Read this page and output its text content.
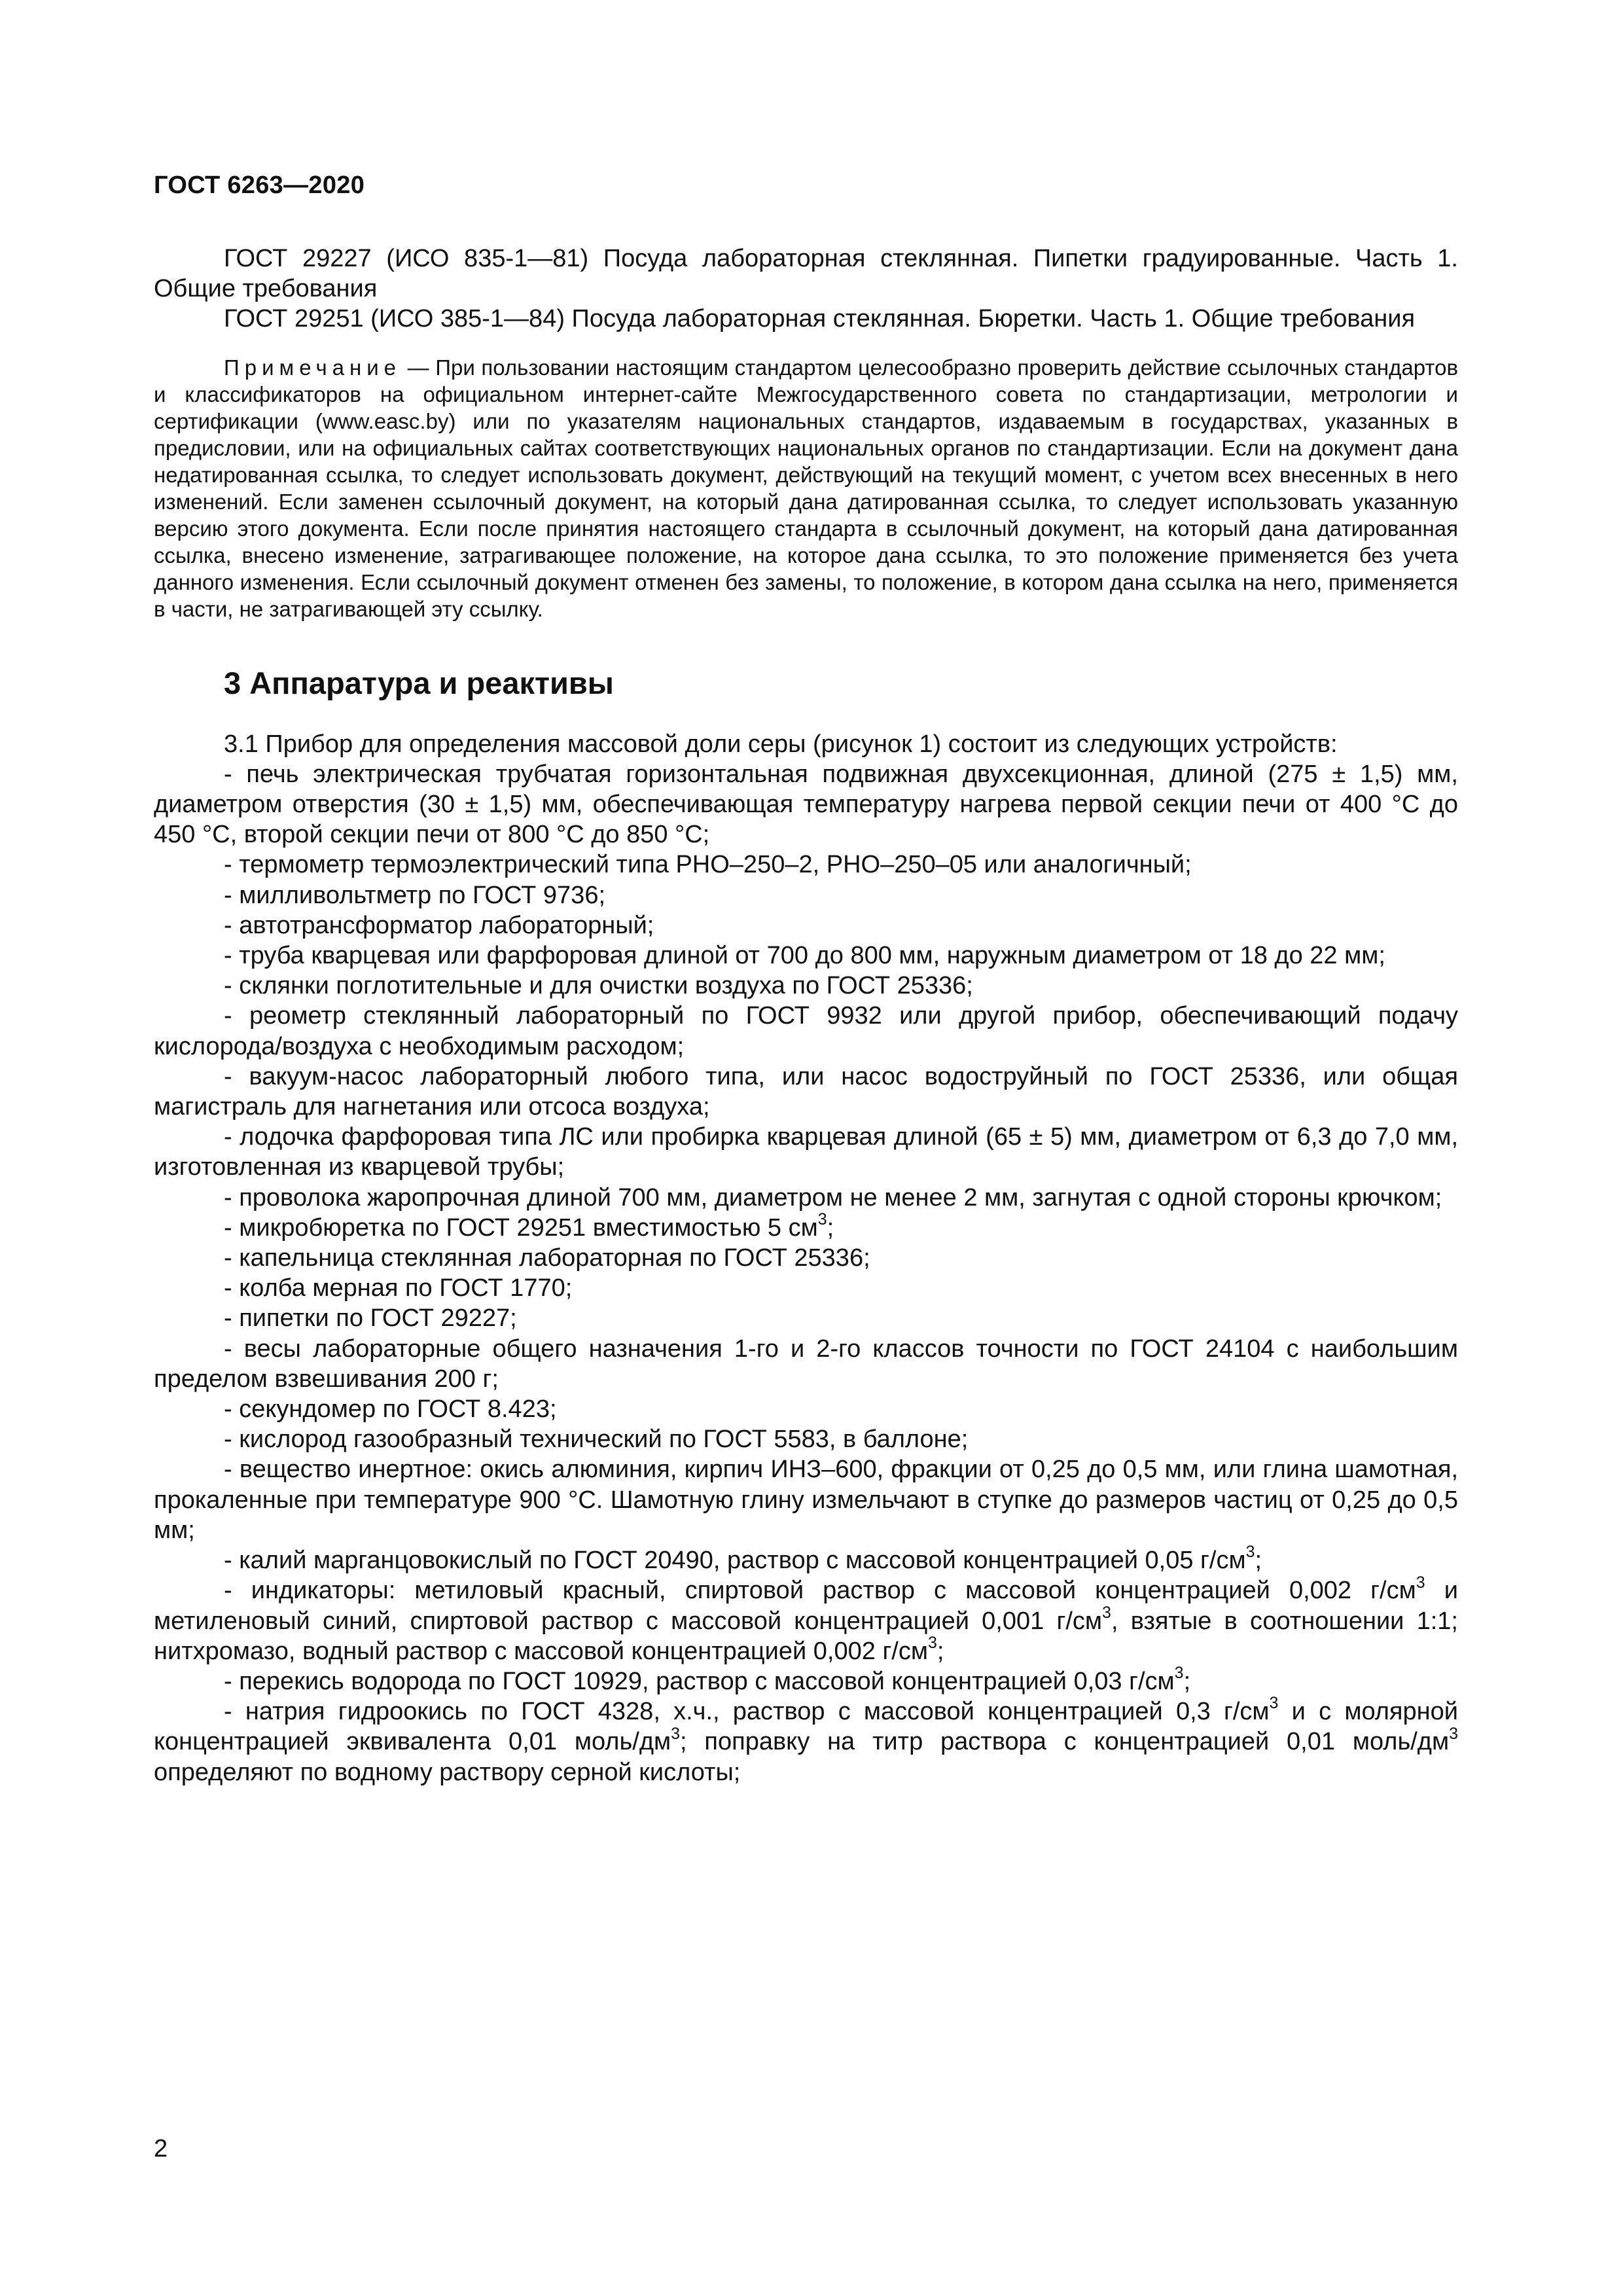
ГОСТ 6263—2020

ГОСТ 29227 (ИСО 835-1—81) Посуда лабораторная стеклянная. Пипетки градуированные. Часть 1. Общие требования

ГОСТ 29251 (ИСО 385-1—84) Посуда лабораторная стеклянная. Бюретки. Часть 1. Общие требования

Примечание — При пользовании настоящим стандартом целесообразно проверить действие ссылочных стандартов и классификаторов на официальном интернет-сайте Межгосударственного совета по стандартизации, метрологии и сертификации (www.easc.by) или по указателям национальных стандартов, издаваемым в государствах, указанных в предисловии, или на официальных сайтах соответствующих национальных органов по стандартизации. Если на документ дана недатированная ссылка, то следует использовать документ, действующий на текущий момент, с учетом всех внесенных в него изменений. Если заменен ссылочный документ, на который дана датированная ссылка, то следует использовать указанную версию этого документа. Если после принятия настоящего стандарта в ссылочный документ, на который дана датированная ссылка, внесено изменение, затрагивающее положение, на которое дана ссылка, то это положение применяется без учета данного изменения. Если ссылочный документ отменен без замены, то положение, в котором дана ссылка на него, применяется в части, не затрагивающей эту ссылку.

3 Аппаратура и реактивы

3.1 Прибор для определения массовой доли серы (рисунок 1) состоит из следующих устройств:

- печь электрическая трубчатая горизонтальная подвижная двухсекционная, длиной (275 ± 1,5) мм, диаметром отверстия (30 ± 1,5) мм, обеспечивающая температуру нагрева первой секции печи от 400 °С до 450 °С, второй секции печи от 800 °С до 850 °С;

- термометр термоэлектрический типа РНО–250–2, РНО–250–05 или аналогичный;

- милливольтметр по ГОСТ 9736;

- автотрансформатор лабораторный;

- труба кварцевая или фарфоровая длиной от 700 до 800 мм, наружным диаметром от 18 до 22 мм;

- склянки поглотительные и для очистки воздуха по ГОСТ 25336;

- реометр стеклянный лабораторный по ГОСТ 9932 или другой прибор, обеспечивающий подачу кислорода/воздуха с необходимым расходом;

- вакуум-насос лабораторный любого типа, или насос водоструйный по ГОСТ 25336, или общая магистраль для нагнетания или отсоса воздуха;

- лодочка фарфоровая типа ЛС или пробирка кварцевая длиной (65 ± 5) мм, диаметром от 6,3 до 7,0 мм, изготовленная из кварцевой трубы;

- проволока жаропрочная длиной 700 мм, диаметром не менее 2 мм, загнутая с одной стороны крючком;

- микробюретка по ГОСТ 29251 вместимостью 5 $см^3$;

- капельница стеклянная лабораторная по ГОСТ 25336;

- колба мерная по ГОСТ 1770;

- пипетки по ГОСТ 29227;

- весы лабораторные общего назначения 1-го и 2-го классов точности по ГОСТ 24104 с наибольшим пределом взвешивания 200 г;

- секундомер по ГОСТ 8.423;

- кислород газообразный технический по ГОСТ 5583, в баллоне;

- вещество инертное: окись алюминия, кирпич ИНЗ–600, фракции от 0,25 до 0,5 мм, или глина шамотная, прокаленные при температуре 900 °С. Шамотную глину измельчают в ступке до размеров частиц от 0,25 до 0,5 мм;

- калий марганцовокислый по ГОСТ 20490, раствор с массовой концентрацией 0,05 $г/см^3$;

- индикаторы: метиловый красный, спиртовой раствор с массовой концентрацией 0,002 $г/см^3$ и метиленовый синий, спиртовой раствор с массовой концентрацией 0,001 $г/см^3$, взятые в соотношении 1:1; нитхромазо, водный раствор с массовой концентрацией 0,002 $г/см^3$;

- перекись водорода по ГОСТ 10929, раствор с массовой концентрацией 0,03 $г/см^3$;

- натрия гидроокись по ГОСТ 4328, х.ч., раствор с массовой концентрацией 0,3 $г/см^3$ и с молярной концентрацией эквивалента 0,01 моль/$дм^3$; поправку на титр раствора с концентрацией 0,01 моль/$дм^3$ определяют по водному раствору серной кислоты;

2
